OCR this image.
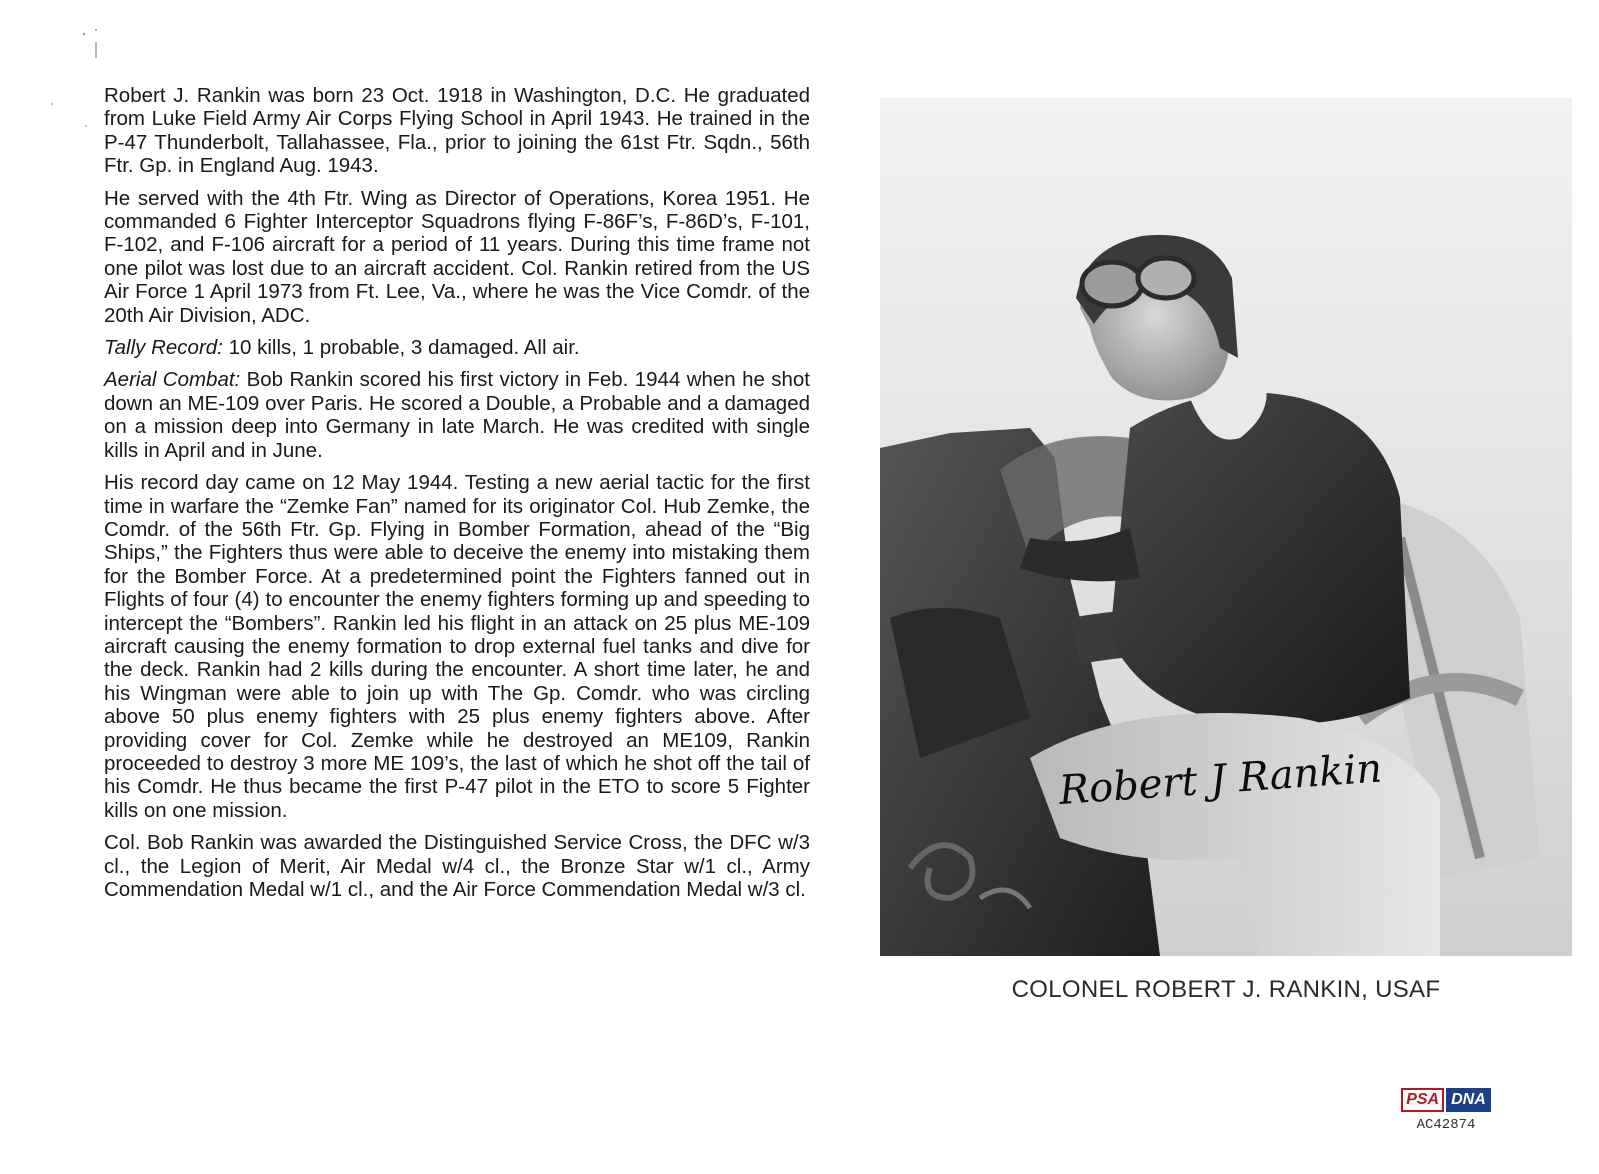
Robert J. Rankin was born 23 Oct. 1918 in Washington, D.C. He graduated from Luke Field Army Air Corps Flying School in April 1943. He trained in the P-47 Thunderbolt, Tallahassee, Fla., prior to joining the 61st Ftr. Sqdn., 56th Ftr. Gp. in England Aug. 1943.

He served with the 4th Ftr. Wing as Director of Operations, Korea 1951. He commanded 6 Fighter Interceptor Squadrons flying F-86F’s, F-86D’s, F-101, F-102, and F-106 aircraft for a period of 11 years. During this time frame not one pilot was lost due to an aircraft accident. Col. Rankin retired from the US Air Force 1 April 1973 from Ft. Lee, Va., where he was the Vice Comdr. of the 20th Air Division, ADC.

Tally Record: 10 kills, 1 probable, 3 damaged. All air.

Aerial Combat: Bob Rankin scored his first victory in Feb. 1944 when he shot down an ME-109 over Paris. He scored a Double, a Probable and a damaged on a mission deep into Germany in late March. He was credited with single kills in April and in June.

His record day came on 12 May 1944. Testing a new aerial tactic for the first time in warfare the “Zemke Fan” named for its originator Col. Hub Zemke, the Comdr. of the 56th Ftr. Gp. Flying in Bomber Formation, ahead of the “Big Ships,” the Fighters thus were able to deceive the enemy into mistaking them for the Bomber Force. At a predetermined point the Fighters fanned out in Flights of four (4) to encounter the enemy fighters forming up and speeding to intercept the “Bombers”. Rankin led his flight in an attack on 25 plus ME-109 aircraft causing the enemy formation to drop external fuel tanks and dive for the deck. Rankin had 2 kills during the encounter. A short time later, he and his Wingman were able to join up with The Gp. Comdr. who was circling above 50 plus enemy fighters with 25 plus enemy fighters above. After providing cover for Col. Zemke while he destroyed an ME109, Rankin proceeded to destroy 3 more ME 109’s, the last of which he shot off the tail of his Comdr. He thus became the first P-47 pilot in the ETO to score 5 Fighter kills on one mission.

Col. Bob Rankin was awarded the Distinguished Service Cross, the DFC w/3 cl., the Legion of Merit, Air Medal w/4 cl., the Bronze Star w/1 cl., Army Commendation Medal w/1 cl., and the Air Force Commendation Medal w/3 cl.

Robert J Rankin
COLONEL ROBERT J. RANKIN, USAF
PSA DNA
AC42874
